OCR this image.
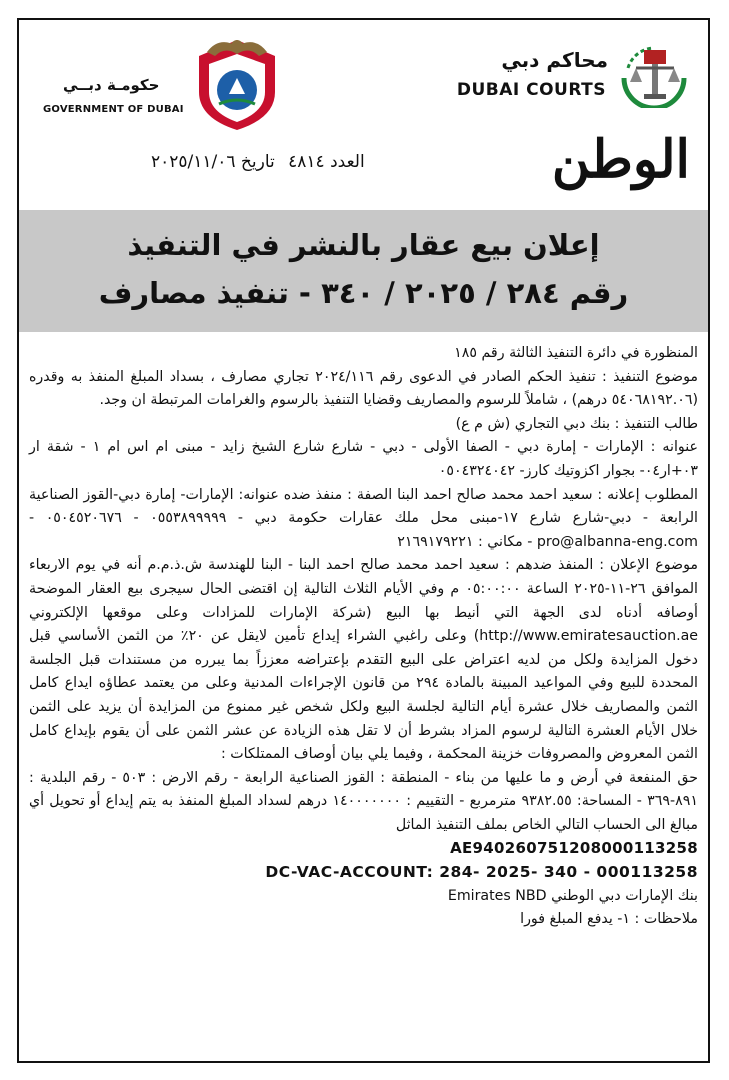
محاكم دبي
DUBAI COURTS
حكومـة دبــي
GOVERNMENT OF DUBAI
الوطن
العدد ٤٨١٤ تاريخ ٢٠٢٥/١١/٠٦
إعلان بيع عقار بالنشر في التنفيذ
رقم ٢٨٤ / ٢٠٢٥ / ٣٤٠ - تنفيذ مصارف

المنظورة في دائرة التنفيذ الثالثة رقم ١٨٥

موضوع التنفيذ : تنفيذ الحكم الصادر في الدعوى رقم ٢٠٢٤/١١٦ تجاري مصارف ، بسداد المبلغ المنفذ به وقدره (٥٤٠٦٨١٩٢.٠٦ درهم) ، شاملاً للرسوم والمصاريف وقضايا التنفيذ بالرسوم والغرامات المرتبطة ان وجد.

طالب التنفيذ : بنك دبي التجاري (ش م ع)

عنوانه : الإمارات - إمارة دبي - الصفا الأولى - دبي - شارع شارع الشيخ زايد - مبنى ام اس ام ١ - شقة ار ٠٣+ار٠٤- بجوار اكزوتيك كارز- ٠٥٠٤٣٢٤٠٤٢

المطلوب إعلانه : سعيد احمد محمد صالح احمد البنا الصفة : منفذ ضده عنوانه: الإمارات- إمارة دبي-القوز الصناعية الرابعة - دبي-شارع شارع ١٧-مبنى محل ملك عقارات حكومة دبي - ٠٥٥٣٨٩٩٩٩٩ - ٠٥٠٤٥٢٠٦٧٦ - pro@albanna-eng.com - مكاني : ٢١٦٩١٧٩٢٢١

موضوع الإعلان : المنفذ ضدهم : سعيد احمد محمد صالح احمد البنا - البنا للهندسة ش.ذ.م.م أنه في يوم الاربعاء الموافق ٢٦-١١-٢٠٢٥ الساعة ٠٥:٠٠:٠٠ م وفي الأيام الثلاث التالية إن اقتضى الحال سيجرى بيع العقار الموضحة أوصافه أدناه لدى الجهة التي أنيط بها البيع (شركة الإمارات للمزادات وعلى موقعها الإلكتروني http://www.emiratesauction.ae) وعلى راغبي الشراء إيداع تأمين لايقل عن ٢٠٪ من الثمن الأساسي قبل دخول المزايدة ولكل من لديه اعتراض على البيع التقدم بإعتراضه معززاً بما يبرره من مستندات قبل الجلسة المحددة للبيع وفي المواعيد المبينة بالمادة ٢٩٤ من قانون الإجراءات المدنية وعلى من يعتمد عطاؤه ايداع كامل الثمن والمصاريف خلال عشرة أيام التالية لجلسة البيع ولكل شخص غير ممنوع من المزايدة أن يزيد على الثمن خلال الأيام العشرة التالية لرسوم المزاد بشرط أن لا تقل هذه الزيادة عن عشر الثمن على أن يقوم بإيداع كامل الثمن المعروض والمصروفات خزينة المحكمة ، وفيما يلي بيان أوصاف الممتلكات :

حق المنفعة في أرض و ما عليها من بناء - المنطقة : القوز الصناعية الرابعة - رقم الارض : ٥٠٣ - رقم البلدية : ٨٩١-٣٦٩ - المساحة: ٩٣٨٢.٥٥ مترمربع - التقييم : ١٤٠٠٠٠٠٠٠ درهم لسداد المبلغ المنفذ به يتم إيداع أو تحويل أي مبالغ الى الحساب التالي الخاص بملف التنفيذ الماثل

AE940260751208000113258

DC-VAC-ACCOUNT: 284- 2025- 340 - 000113258

بنك الإمارات دبي الوطني Emirates NBD

ملاحظات : ١- يدفع المبلغ فورا
